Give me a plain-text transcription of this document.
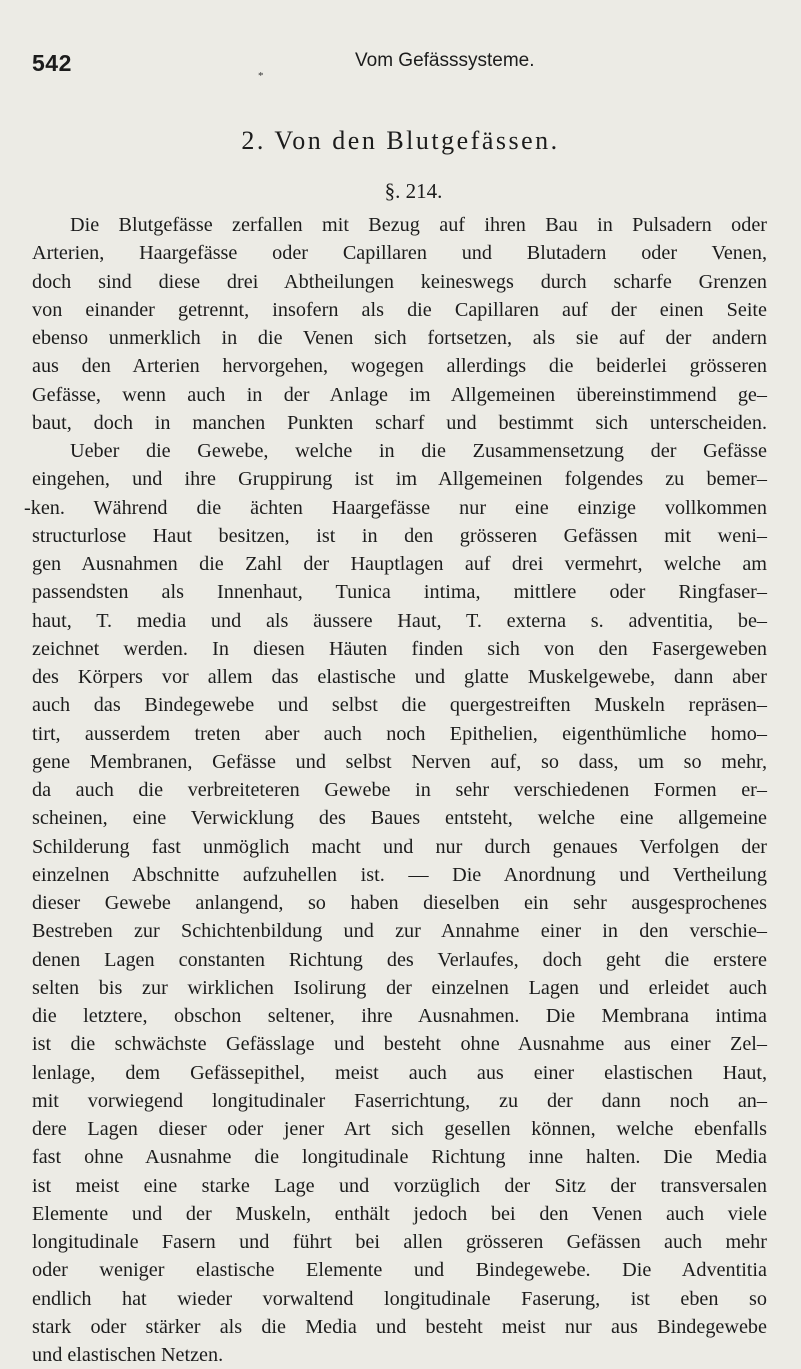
542	Vom Gefässsysteme.
*
2. Von den Blutgefässen.
§. 214.
Die Blutgefässe zerfallen mit Bezug auf ihren Bau in Pulsadern oder
Arterien, Haargefässe oder Capillaren und Blutadern oder Venen,
doch sind diese drei Abtheilungen keineswegs durch scharfe Grenzen
von einander getrennt, insofern als die Capillaren auf der einen Seite
ebenso unmerklich in die Venen sich fortsetzen, als sie auf der andern
aus den Arterien hervorgehen, wogegen allerdings die beiderlei grösseren
Gefässe, wenn auch in der Anlage im Allgemeinen übereinstimmend ge–
baut, doch in manchen Punkten scharf und bestimmt sich unterscheiden.
Ueber die Gewebe, welche in die Zusammensetzung der Gefässe
eingehen, und ihre Gruppirung ist im Allgemeinen folgendes zu bemer–
-ken. Während die ächten Haargefässe nur eine einzige vollkommen
structurlose Haut besitzen, ist in den grösseren Gefässen mit weni–
gen Ausnahmen die Zahl der Hauptlagen auf drei vermehrt, welche am
passendsten als Innenhaut, Tunica intima, mittlere oder Ringfaser–
haut, T. media und als äussere Haut, T. externa s. adventitia, be–
zeichnet werden. In diesen Häuten finden sich von den Fasergeweben
des Körpers vor allem das elastische und glatte Muskelgewebe, dann aber
auch das Bindegewebe und selbst die quergestreiften Muskeln repräsen–
tirt, ausserdem treten aber auch noch Epithelien, eigenthümliche homo–
gene Membranen, Gefässe und selbst Nerven auf, so dass, um so mehr,
da auch die verbreiteteren Gewebe in sehr verschiedenen Formen er–
scheinen, eine Verwicklung des Baues entsteht, welche eine allgemeine
Schilderung fast unmöglich macht und nur durch genaues Verfolgen der
einzelnen Abschnitte aufzuhellen ist. — Die Anordnung und Vertheilung
dieser Gewebe anlangend, so haben dieselben ein sehr ausgesprochenes
Bestreben zur Schichtenbildung und zur Annahme einer in den verschie–
denen Lagen constanten Richtung des Verlaufes, doch geht die erstere
selten bis zur wirklichen Isolirung der einzelnen Lagen und erleidet auch
die letztere, obschon seltener, ihre Ausnahmen. Die Membrana intima
ist die schwächste Gefässlage und besteht ohne Ausnahme aus einer Zel–
lenlage, dem Gefässepithel, meist auch aus einer elastischen Haut,
mit vorwiegend longitudinaler Faserrichtung, zu der dann noch an–
dere Lagen dieser oder jener Art sich gesellen können, welche ebenfalls
fast ohne Ausnahme die longitudinale Richtung inne halten. Die Media
ist meist eine starke Lage und vorzüglich der Sitz der transversalen
Elemente und der Muskeln, enthält jedoch bei den Venen auch viele
longitudinale Fasern und führt bei allen grösseren Gefässen auch mehr
oder weniger elastische Elemente und Bindegewebe. Die Adventitia
endlich hat wieder vorwaltend longitudinale Faserung, ist eben so
stark oder stärker als die Media und besteht meist nur aus Bindegewebe
und elastischen Netzen.
